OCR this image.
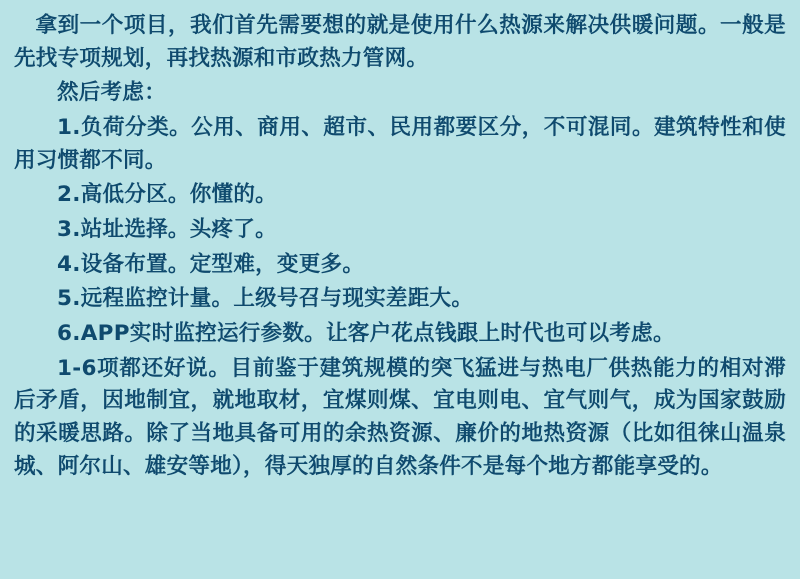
拿到一个项目，我们首先需要想的就是使用什么热源来解决供暖问题。一般是先找专项规划，再找热源和市政热力管网。

然后考虑：

1.负荷分类。公用、商用、超市、民用都要区分，不可混同。建筑特性和使用习惯都不同。

2.高低分区。你懂的。

3.站址选择。头疼了。

4.设备布置。定型难，变更多。

5.远程监控计量。上级号召与现实差距大。

6.APP实时监控运行参数。让客户花点钱跟上时代也可以考虑。

1-6项都还好说。目前鉴于建筑规模的突飞猛进与热电厂供热能力的相对滞后矛盾，因地制宜，就地取材，宜煤则煤、宜电则电、宜气则气，成为国家鼓励的采暖思路。除了当地具备可用的余热资源、廉价的地热资源（比如徂徕山温泉城、阿尔山、雄安等地），得天独厚的自然条件不是每个地方都能享受的。
